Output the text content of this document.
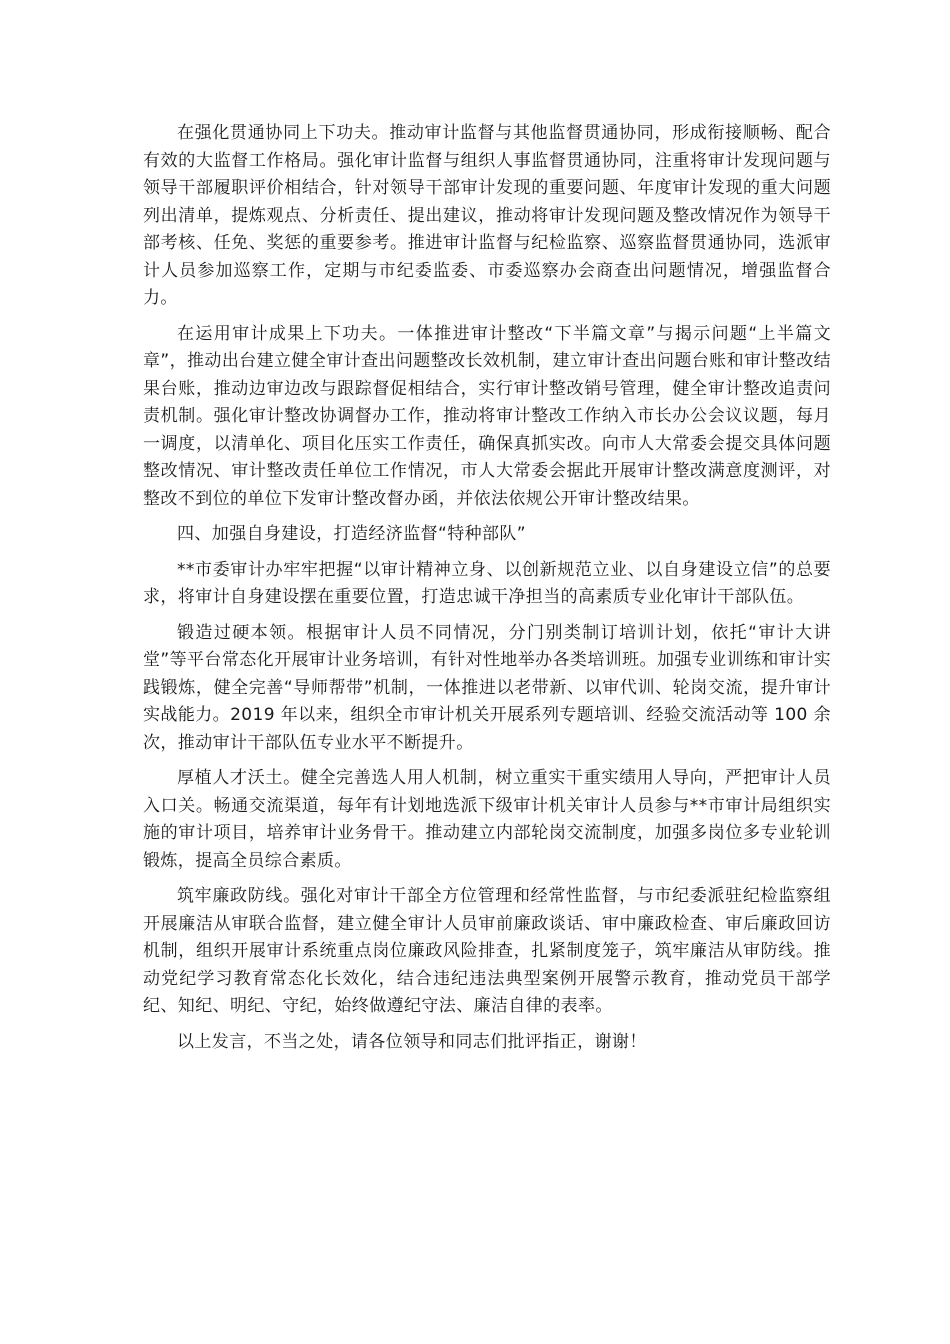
在强化贯通协同上下功夫。推动审计监督与其他监督贯通协同，形成衔接顺畅、配合有效的大监督工作格局。强化审计监督与组织人事监督贯通协同，注重将审计发现问题与领导干部履职评价相结合，针对领导干部审计发现的重要问题、年度审计发现的重大问题列出清单，提炼观点、分析责任、提出建议，推动将审计发现问题及整改情况作为领导干部考核、任免、奖惩的重要参考。推进审计监督与纪检监察、巡察监督贯通协同，选派审计人员参加巡察工作，定期与市纪委监委、市委巡察办会商查出问题情况，增强监督合力。

在运用审计成果上下功夫。一体推进审计整改“下半篇文章”与揭示问题“上半篇文章”，推动出台建立健全审计查出问题整改长效机制，建立审计查出问题台账和审计整改结果台账，推动边审边改与跟踪督促相结合，实行审计整改销号管理，健全审计整改追责问责机制。强化审计整改协调督办工作，推动将审计整改工作纳入市长办公会议议题，每月一调度，以清单化、项目化压实工作责任，确保真抓实改。向市人大常委会提交具体问题整改情况、审计整改责任单位工作情况，市人大常委会据此开展审计整改满意度测评，对整改不到位的单位下发审计整改督办函，并依法依规公开审计整改结果。

四、加强自身建设，打造经济监督“特种部队”

**市委审计办牢牢把握“以审计精神立身、以创新规范立业、以自身建设立信”的总要求，将审计自身建设摆在重要位置，打造忠诚干净担当的高素质专业化审计干部队伍。

锻造过硬本领。根据审计人员不同情况，分门别类制订培训计划，依托“审计大讲堂”等平台常态化开展审计业务培训，有针对性地举办各类培训班。加强专业训练和审计实践锻炼，健全完善“导师帮带”机制，一体推进以老带新、以审代训、轮岗交流，提升审计实战能力。2019 年以来，组织全市审计机关开展系列专题培训、经验交流活动等 100 余次，推动审计干部队伍专业水平不断提升。

厚植人才沃土。健全完善选人用人机制，树立重实干重实绩用人导向，严把审计人员入口关。畅通交流渠道，每年有计划地选派下级审计机关审计人员参与**市审计局组织实施的审计项目，培养审计业务骨干。推动建立内部轮岗交流制度，加强多岗位多专业轮训锻炼，提高全员综合素质。

筑牢廉政防线。强化对审计干部全方位管理和经常性监督，与市纪委派驻纪检监察组开展廉洁从审联合监督，建立健全审计人员审前廉政谈话、审中廉政检查、审后廉政回访机制，组织开展审计系统重点岗位廉政风险排查，扎紧制度笼子，筑牢廉洁从审防线。推动党纪学习教育常态化长效化，结合违纪违法典型案例开展警示教育，推动党员干部学纪、知纪、明纪、守纪，始终做遵纪守法、廉洁自律的表率。

以上发言，不当之处，请各位领导和同志们批评指正，谢谢！
